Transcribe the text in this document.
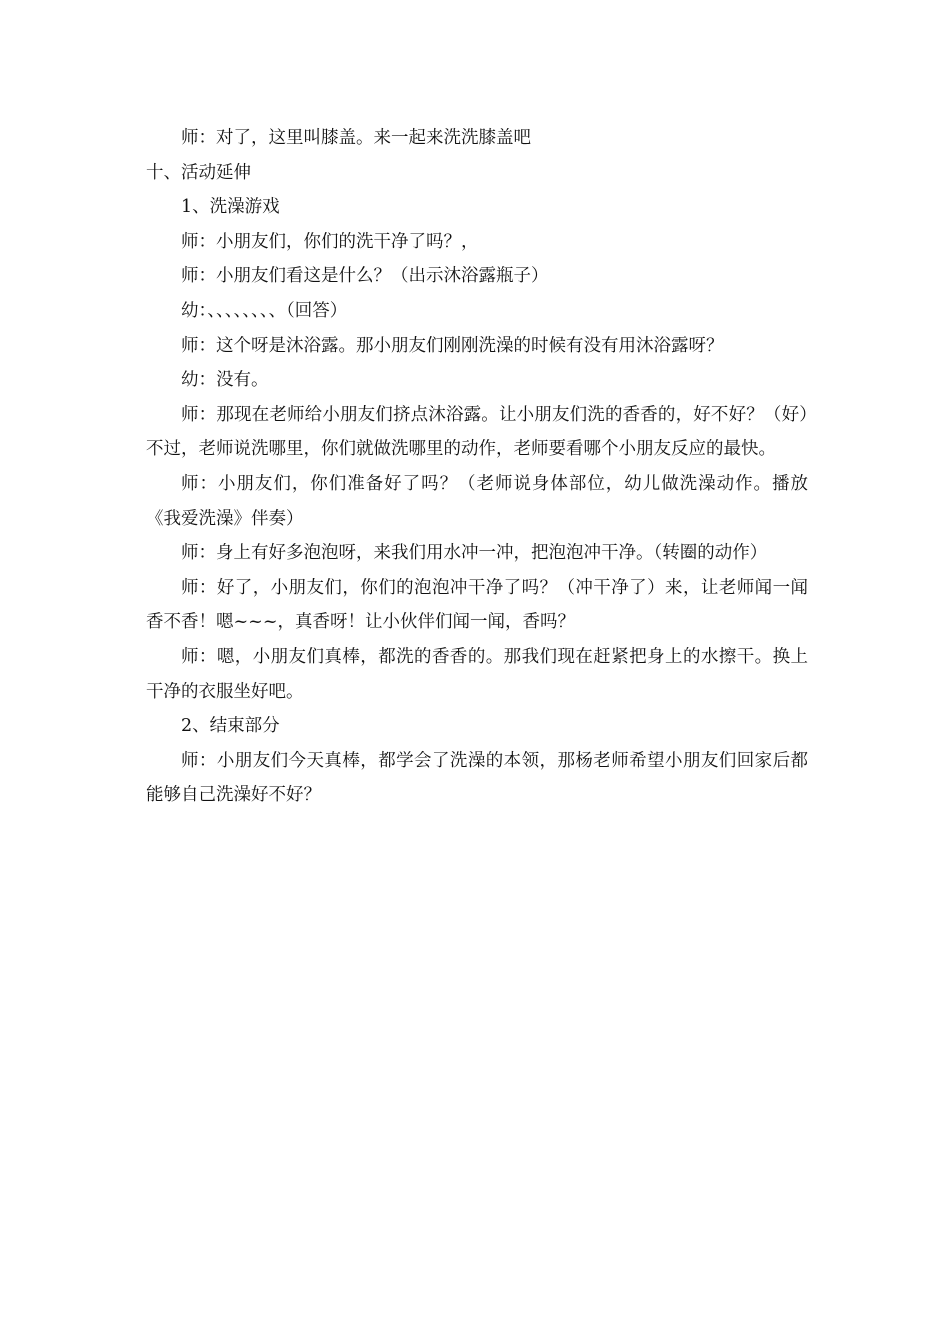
师：对了，这里叫膝盖。来一起来洗洗膝盖吧

十、活动延伸

1、洗澡游戏

师：小朋友们，你们的洗干净了吗？，

师：小朋友们看这是什么？（出示沐浴露瓶子）

幼：、、、、、、、、（回答）

师：这个呀是沐浴露。那小朋友们刚刚洗澡的时候有没有用沐浴露呀？

幼：没有。

师：那现在老师给小朋友们挤点沐浴露。让小朋友们洗的香香的，好不好？（好）不过，老师说洗哪里，你们就做洗哪里的动作，老师要看哪个小朋友反应的最快。

师：小朋友们，你们准备好了吗？（老师说身体部位，幼儿做洗澡动作。播放《我爱洗澡》伴奏）

师：身上有好多泡泡呀，来我们用水冲一冲，把泡泡冲干净。（转圈的动作）

师：好了，小朋友们，你们的泡泡冲干净了吗？（冲干净了）来，让老师闻一闻香不香！嗯~~~，真香呀！让小伙伴们闻一闻，香吗？

师：嗯，小朋友们真棒，都洗的香香的。那我们现在赶紧把身上的水擦干。换上干净的衣服坐好吧。

2、结束部分

师：小朋友们今天真棒，都学会了洗澡的本领，那杨老师希望小朋友们回家后都能够自己洗澡好不好？
